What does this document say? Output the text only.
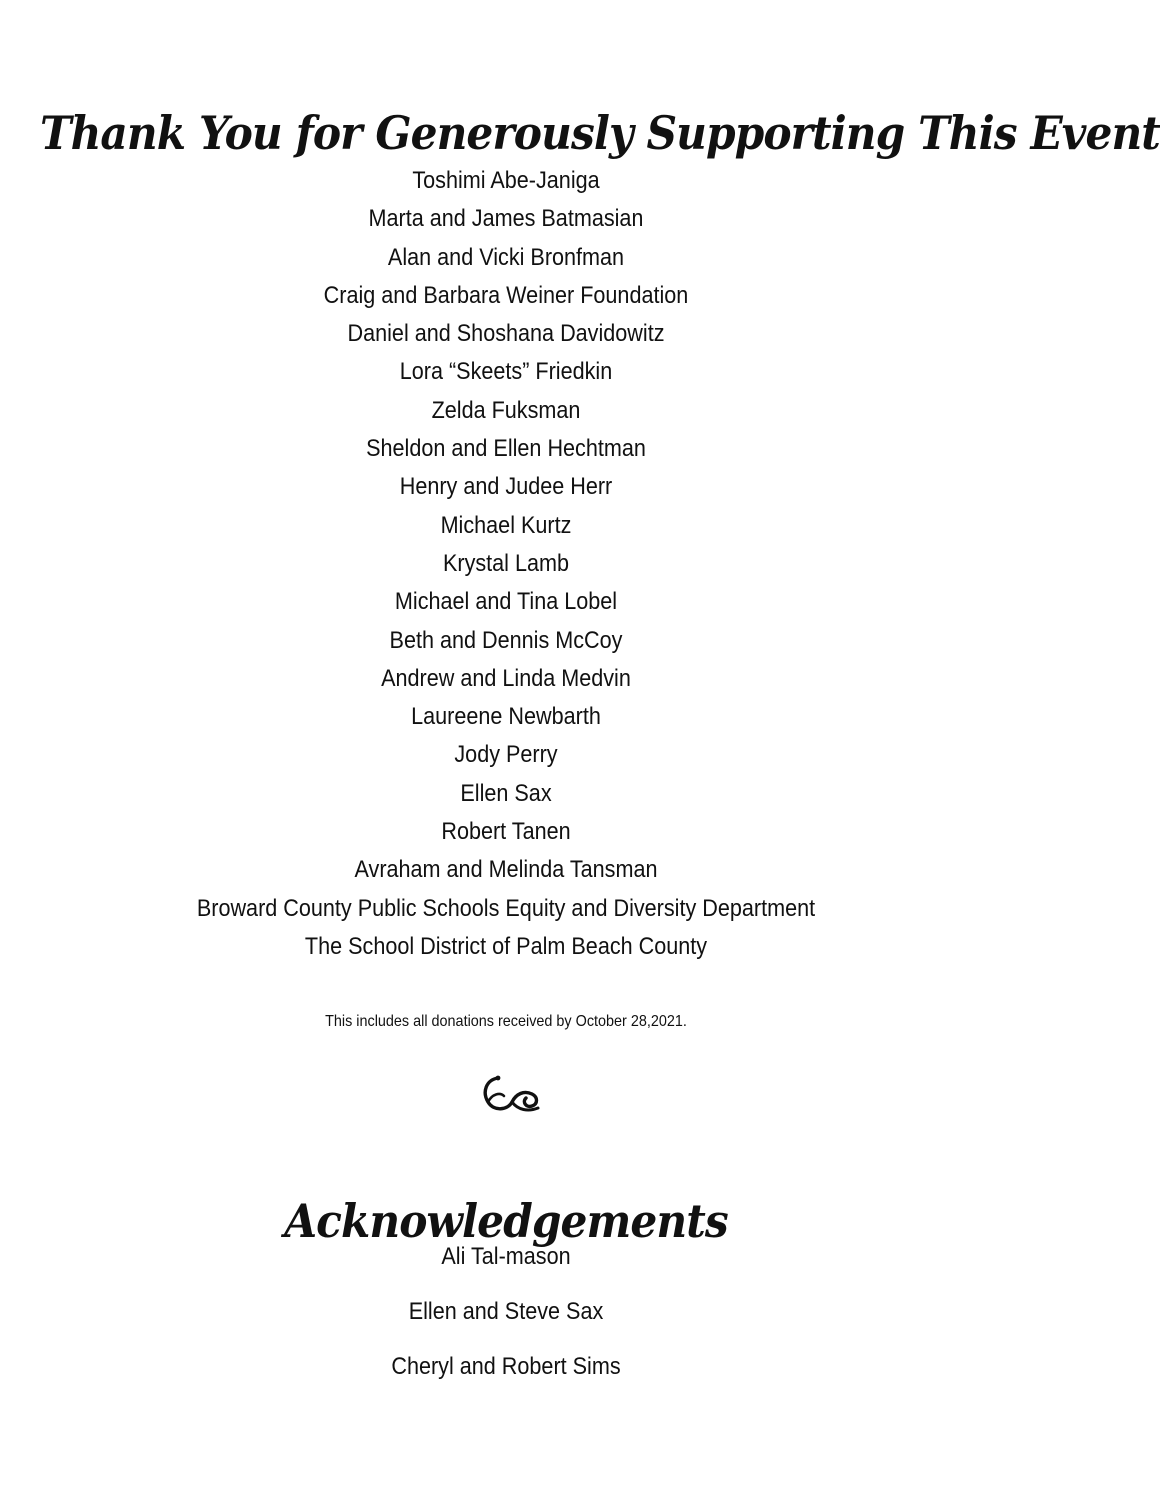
Thank You for Generously Supporting This Event
Toshimi Abe-Janiga
Marta and James Batmasian
Alan and Vicki Bronfman
Craig and Barbara Weiner Foundation
Daniel and Shoshana Davidowitz
Lora “Skeets” Friedkin
Zelda Fuksman
Sheldon and Ellen Hechtman
Henry and Judee Herr
Michael Kurtz
Krystal Lamb
Michael and Tina Lobel
Beth and Dennis McCoy
Andrew and Linda Medvin
Laureene Newbarth
Jody Perry
Ellen Sax
Robert Tanen
Avraham and Melinda Tansman
Broward County Public Schools Equity and Diversity Department
The School District of Palm Beach County
This includes all donations received by October 28,2021.
Acknowledgements
Ali Tal-mason
Ellen and Steve Sax
Cheryl and Robert Sims
